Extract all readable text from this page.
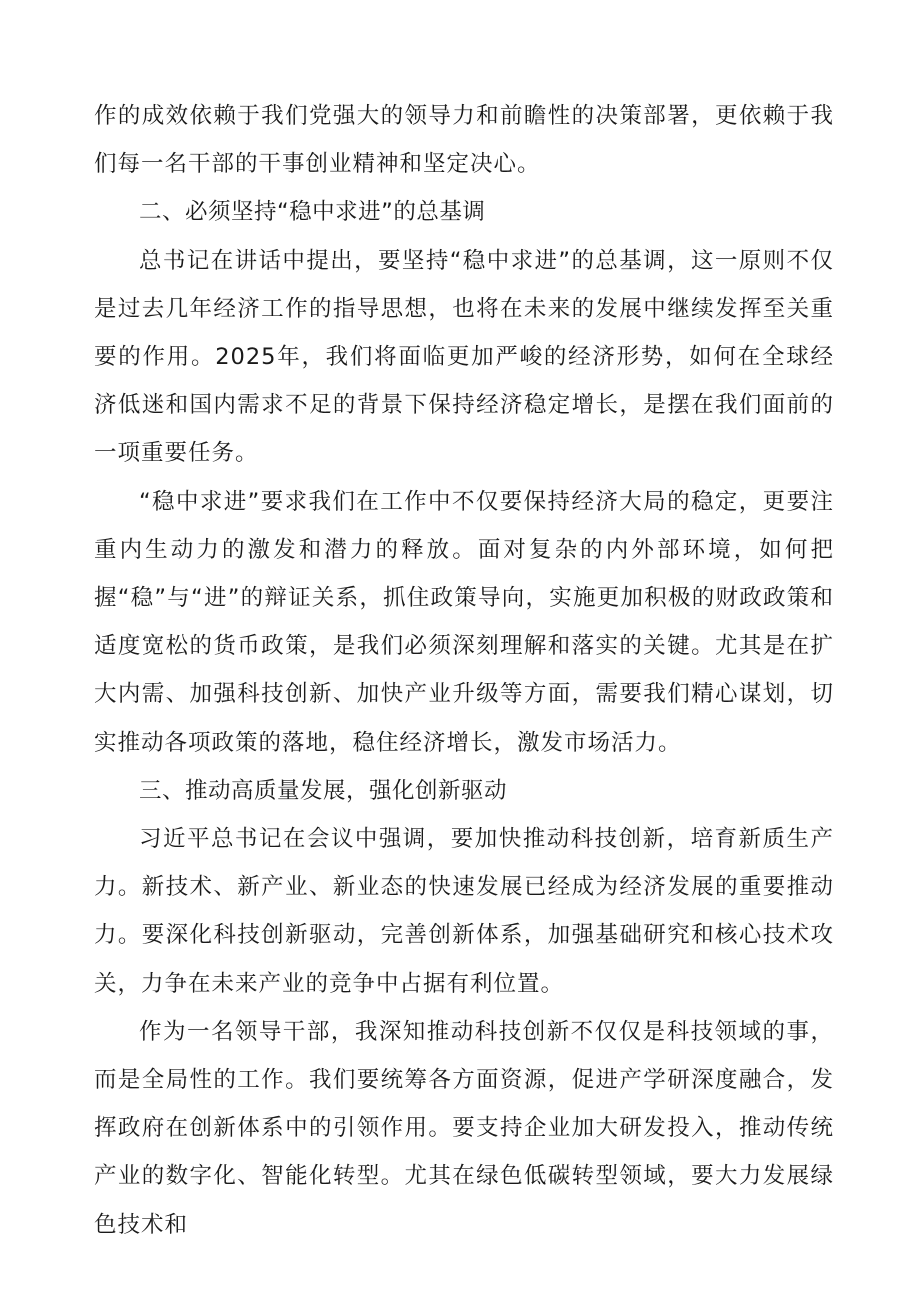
作的成效依赖于我们党强大的领导力和前瞻性的决策部署，更依赖于我们每一名干部的干事创业精神和坚定决心。

二、必须坚持“稳中求进”的总基调

总书记在讲话中提出，要坚持“稳中求进”的总基调，这一原则不仅是过去几年经济工作的指导思想，也将在未来的发展中继续发挥至关重要的作用。2025年，我们将面临更加严峻的经济形势，如何在全球经济低迷和国内需求不足的背景下保持经济稳定增长，是摆在我们面前的一项重要任务。

“稳中求进”要求我们在工作中不仅要保持经济大局的稳定，更要注重内生动力的激发和潜力的释放。面对复杂的内外部环境，如何把握“稳”与“进”的辩证关系，抓住政策导向，实施更加积极的财政政策和适度宽松的货币政策，是我们必须深刻理解和落实的关键。尤其是在扩大内需、加强科技创新、加快产业升级等方面，需要我们精心谋划，切实推动各项政策的落地，稳住经济增长，激发市场活力。

三、推动高质量发展，强化创新驱动

习近平总书记在会议中强调，要加快推动科技创新，培育新质生产力。新技术、新产业、新业态的快速发展已经成为经济发展的重要推动力。要深化科技创新驱动，完善创新体系，加强基础研究和核心技术攻关，力争在未来产业的竞争中占据有利位置。

作为一名领导干部，我深知推动科技创新不仅仅是科技领域的事，而是全局性的工作。我们要统筹各方面资源，促进产学研深度融合，发挥政府在创新体系中的引领作用。要支持企业加大研发投入，推动传统产业的数字化、智能化转型。尤其在绿色低碳转型领域，要大力发展绿色技术和
